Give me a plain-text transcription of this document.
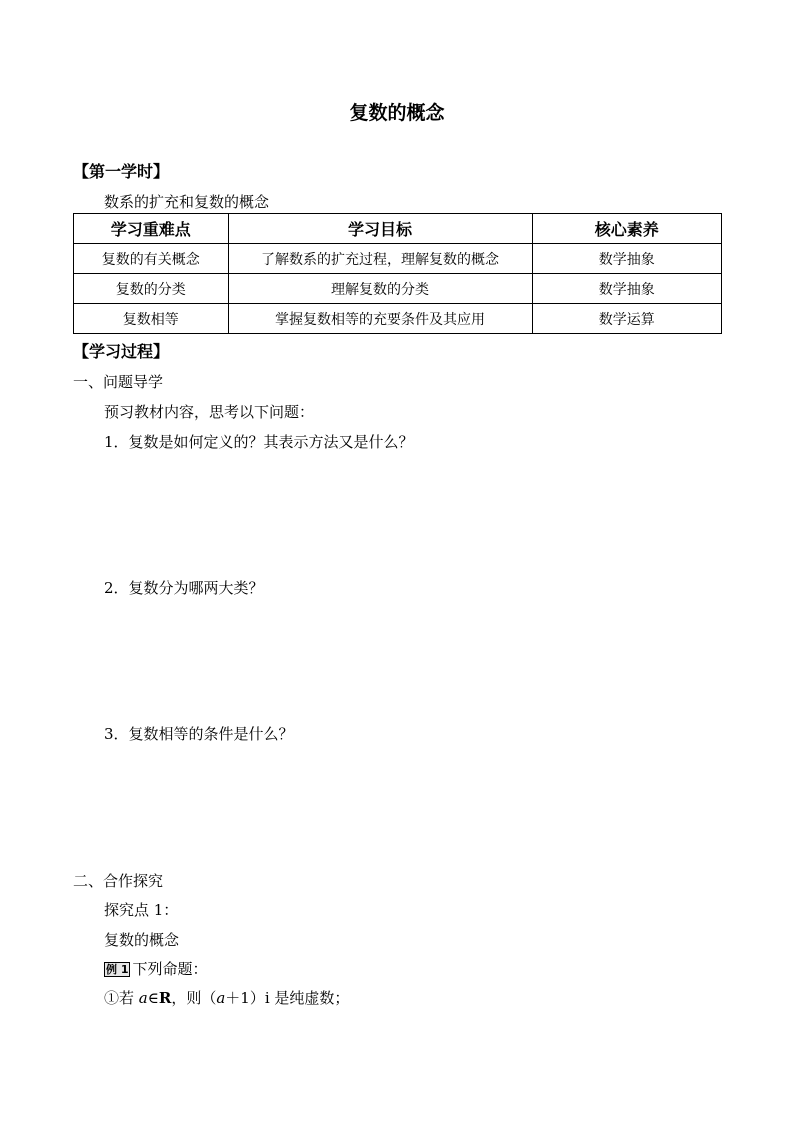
复数的概念
【第一学时】
数系的扩充和复数的概念
学习重难点	学习目标	核心素养
复数的有关概念	了解数系的扩充过程，理解复数的概念	数学抽象
复数的分类	理解复数的分类	数学抽象
复数相等	掌握复数相等的充要条件及其应用	数学运算
【学习过程】
一、问题导学
预习教材内容，思考以下问题：
1．复数是如何定义的？其表示方法又是什么？
2．复数分为哪两大类？
3．复数相等的条件是什么？
二、合作探究
探究点 1：
复数的概念
例 1 下列命题：
①若 a∈R，则（a＋1）i 是纯虚数；
